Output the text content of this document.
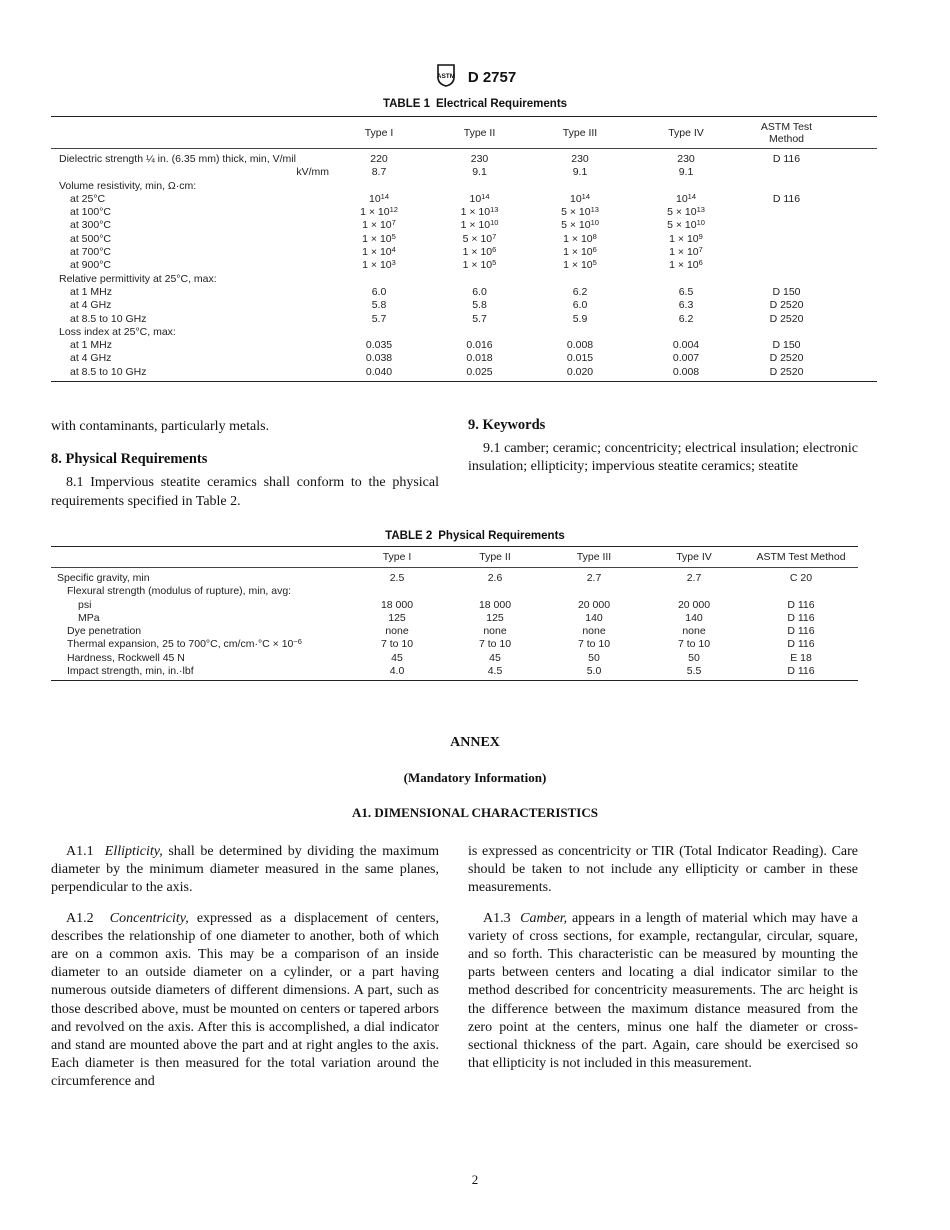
ASTM D 2757
TABLE 1 Electrical Requirements
	Type I	Type II	Type III	Type IV	ASTM Test
Method	

Dielectric strength ¼ in. (6.35 mm) thick, min, V/mil	220	230	230	230	D 116	
kV/mm	8.7	9.1	9.1	9.1		
Volume resistivity, min, Ω·cm:						
at 25°C	$10^{14}$	$10^{14}$	$10^{14}$	$10^{14}$	D 116	
at 100°C	$1 \times 10^{12}$	$1 \times 10^{13}$	$5 \times 10^{13}$	$5 \times 10^{13}$		
at 300°C	$1 \times 10^7$	$1 \times 10^{10}$	$5 \times 10^{10}$	$5 \times 10^{10}$		
at 500°C	$1 \times 10^5$	$5 \times 10^7$	$1 \times 10^8$	$1 \times 10^9$		
at 700°C	$1 \times 10^4$	$1 \times 10^6$	$1 \times 10^6$	$1 \times 10^7$		
at 900°C	$1 \times 10^3$	$1 \times 10^5$	$1 \times 10^5$	$1 \times 10^6$		
Relative permittivity at 25°C, max:						
at 1 MHz	6.0	6.0	6.2	6.5	D 150	
at 4 GHz	5.8	5.8	6.0	6.3	D 2520	
at 8.5 to 10 GHz	5.7	5.7	5.9	6.2	D 2520	
Loss index at 25°C, max:						
at 1 MHz	0.035	0.016	0.008	0.004	D 150	
at 4 GHz	0.038	0.018	0.015	0.007	D 2520	
at 8.5 to 10 GHz	0.040	0.025	0.020	0.008	D 2520	

with contaminants, particularly metals.

8. Physical Requirements

8.1 Impervious steatite ceramics shall conform to the physical requirements specified in Table 2.

9. Keywords

9.1 camber; ceramic; concentricity; electrical insulation; electronic insulation; ellipticity; impervious steatite ceramics; steatite

TABLE 2 Physical Requirements
	Type I	Type II	Type III	Type IV	ASTM Test Method
Specific gravity, min	2.5	2.6	2.7	2.7	C 20
Flexural strength (modulus of rupture), min, avg:					
psi	18 000	18 000	20 000	20 000	D 116
MPa	125	125	140	140	D 116
Dye penetration	none	none	none	none	D 116
Thermal expansion, 25 to 700°C, $cm/cm\cdot^\circ C \times 10^{-6}$	7 to 10	7 to 10	7 to 10	7 to 10	D 116
Hardness, Rockwell 45 N	45	45	50	50	E 18
Impact strength, min, in.·lbf	4.0	4.5	5.0	5.5	D 116
ANNEX
(Mandatory Information)
A1. DIMENSIONAL CHARACTERISTICS

A1.1 Ellipticity, shall be determined by dividing the maximum diameter by the minimum diameter measured in the same planes, perpendicular to the axis.

A1.2 Concentricity, expressed as a displacement of centers, describes the relationship of one diameter to another, both of which are on a common axis. This may be a comparison of an inside diameter to an outside diameter on a cylinder, or a part having numerous outside diameters of different dimensions. A part, such as those described above, must be mounted on centers or tapered arbors and revolved on the axis. After this is accomplished, a dial indicator and stand are mounted above the part and at right angles to the axis. Each diameter is then measured for the total variation around the circumference and

is expressed as concentricity or TIR (Total Indicator Reading). Care should be taken to not include any ellipticity or camber in these measurements.

A1.3 Camber, appears in a length of material which may have a variety of cross sections, for example, rectangular, circular, square, and so forth. This characteristic can be measured by mounting the parts between centers and locating a dial indicator similar to the method described for concentricity measurements. The arc height is the difference between the maximum distance measured from the zero point at the centers, minus one half the diameter or cross-sectional thickness of the part. Again, care should be exercised so that ellipticity is not included in this measurement.

2
